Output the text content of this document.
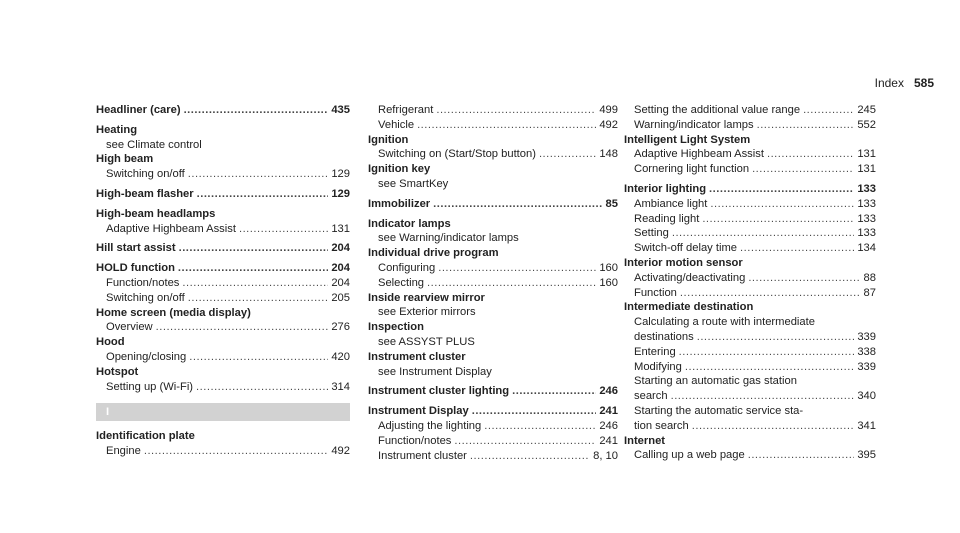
Index 585
Headliner (care) .....	435
Heating
see Climate control
High beam
Switching on/off .....	129
High-beam flasher .....	129
High-beam headlamps
Adaptive Highbeam Assist .....	131
Hill start assist .....	204
HOLD function .....	204
Function/notes .....	204
Switching on/off .....	205
Home screen (media display)
Overview .....	276
Hood
Opening/closing .....	420
Hotspot
Setting up (Wi-Fi) .....	314
I
Identification plate
Engine .....	492
Refrigerant .....	499
Vehicle .....	492
Ignition
Switching on (Start/Stop button) .....	148
Ignition key
see SmartKey
Immobilizer .....	85
Indicator lamps
see Warning/indicator lamps
Individual drive program
Configuring .....	160
Selecting .....	160
Inside rearview mirror
see Exterior mirrors
Inspection
see ASSYST PLUS
Instrument cluster
see Instrument Display
Instrument cluster lighting .....	246
Instrument Display .....	241
Adjusting the lighting .....	246
Function/notes .....	241
Instrument cluster .....	8, 10
Setting the additional value range .....	245
Warning/indicator lamps .....	552
Intelligent Light System
Adaptive Highbeam Assist .....	131
Cornering light function .....	131
Interior lighting .....	133
Ambiance light .....	133
Reading light .....	133
Setting .....	133
Switch-off delay time .....	134
Interior motion sensor
Activating/deactivating .....	88
Function .....	87
Intermediate destination
Calculating a route with intermediate
destinations .....	339
Entering .....	338
Modifying .....	339
Starting an automatic gas station
search .....	340
Starting the automatic service sta-
tion search .....	341
Internet
Calling up a web page .....	395
